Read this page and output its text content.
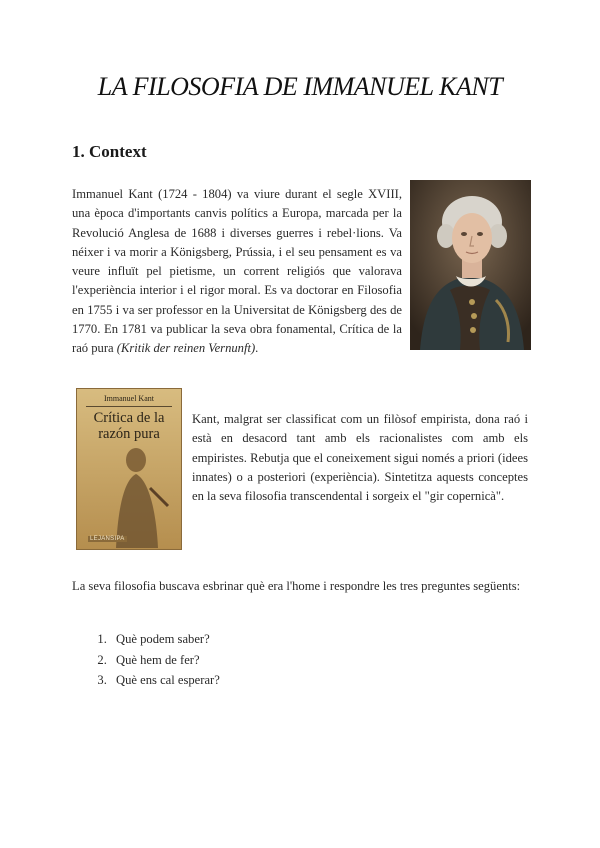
LA FILOSOFIA DE IMMANUEL KANT
1. Context

Immanuel Kant (1724 - 1804) va viure durant el segle XVIII, una època d'importants canvis polítics a Europa, marcada per la Revolució Anglesa de 1688 i diverses guerres i rebel·lions. Va néixer i va morir a Königsberg, Prússia, i el seu pensament es va veure influït pel pietisme, un corrent religiós que valorava l'experiència interior i el rigor moral. Es va doctorar en Filosofia en 1755 i va ser professor en la Universitat de Königsberg des de 1770. En 1781 va publicar la seva obra fonamental, Crítica de la raó pura (Kritik der reinen Vernunft).

Immanuel Kant
Crítica de la
razón pura
LEJANSIPA

Kant, malgrat ser classificat com un filòsof empirista, dona raó i està en desacord tant amb els racionalistes com amb els empiristes. Rebutja que el coneixement sigui només a priori (idees innates) o a posteriori (experiència). Sintetitza aquests conceptes en la seva filosofia transcendental i sorgeix el "gir copernicà".

La seva filosofia buscava esbrinar què era l'home i respondre les tres preguntes següents:

1. Què podem saber?
2. Què hem de fer?
3. Què ens cal esperar?
